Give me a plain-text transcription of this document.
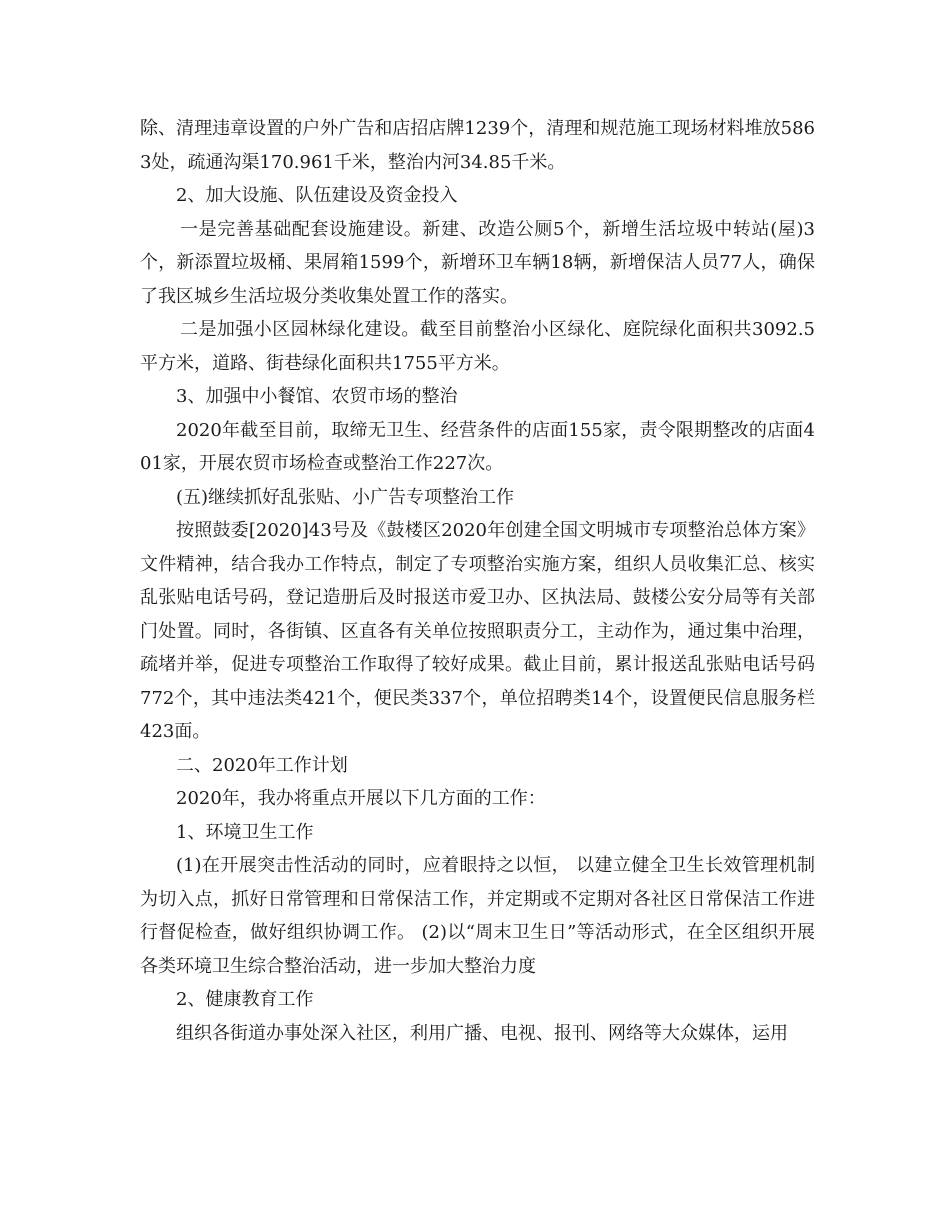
除、清理违章设置的户外广告和店招店牌1239个，清理和规范施工现场材料堆放5863处，疏通沟渠170.961千米，整治内河34.85千米。

2、加大设施、队伍建设及资金投入

一是完善基础配套设施建设。新建、改造公厕5个，新增生活垃圾中转站(屋)3个，新添置垃圾桶、果屑箱1599个，新增环卫车辆18辆，新增保洁人员77人，确保了我区城乡生活垃圾分类收集处置工作的落实。

二是加强小区园林绿化建设。截至目前整治小区绿化、庭院绿化面积共3092.5平方米，道路、街巷绿化面积共1755平方米。

3、加强中小餐馆、农贸市场的整治

2020年截至目前，取缔无卫生、经营条件的店面155家，责令限期整改的店面401家，开展农贸市场检查或整治工作227次。

(五)继续抓好乱张贴、小广告专项整治工作

按照鼓委[2020]43号及《鼓楼区2020年创建全国文明城市专项整治总体方案》文件精神，结合我办工作特点，制定了专项整治实施方案，组织人员收集汇总、核实乱张贴电话号码，登记造册后及时报送市爱卫办、区执法局、鼓楼公安分局等有关部门处置。同时，各街镇、区直各有关单位按照职责分工，主动作为，通过集中治理，疏堵并举，促进专项整治工作取得了较好成果。截止目前，累计报送乱张贴电话号码772个，其中违法类421个，便民类337个，单位招聘类14个，设置便民信息服务栏423面。

二、2020年工作计划

2020年，我办将重点开展以下几方面的工作：

1、环境卫生工作

(1)在开展突击性活动的同时，应着眼持之以恒， 以建立健全卫生长效管理机制为切入点，抓好日常管理和日常保洁工作，并定期或不定期对各社区日常保洁工作进行督促检查，做好组织协调工作。 (2)以“周末卫生日”等活动形式，在全区组织开展各类环境卫生综合整治活动，进一步加大整治力度

2、健康教育工作

组织各街道办事处深入社区，利用广播、电视、报刊、网络等大众媒体，运用
